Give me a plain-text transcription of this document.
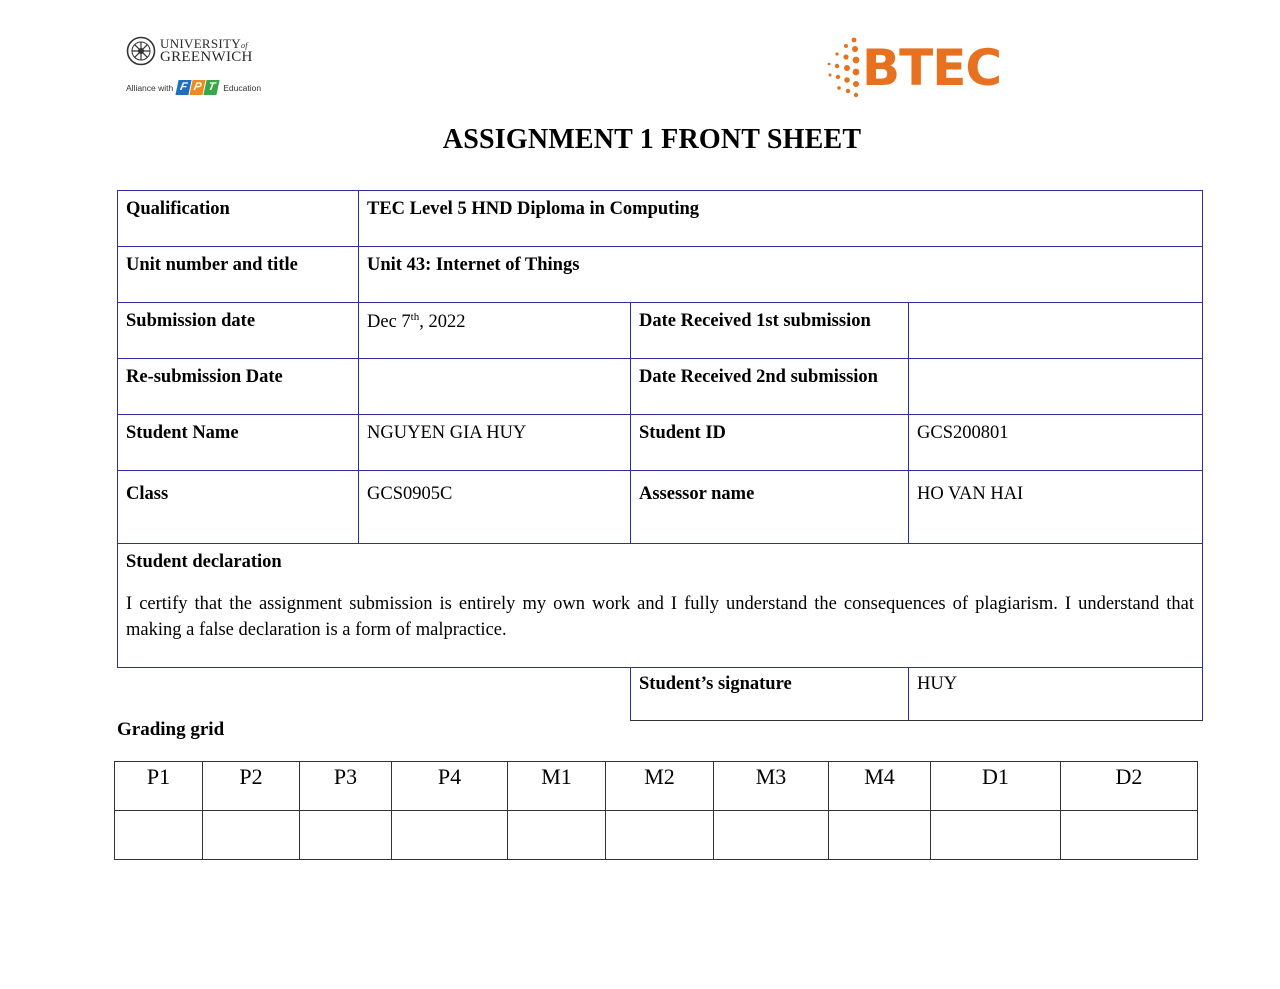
UNIVERSITYof
GREENWICH
Alliance with F P T Education	BTEC
ASSIGNMENT 1 FRONT SHEET
Qualification	TEC Level 5 HND Diploma in Computing		
Unit number and title	Unit 43: Internet of Things		
Submission date	Dec 7th, 2022	Date Received 1st submission	
Re-submission Date		Date Received 2nd submission	
Student Name	NGUYEN GIA HUY	Student ID	GCS200801
Class	GCS0905C	Assessor name	HO VAN HAI

Student declaration
I certify that the assignment submission is entirely my own work and I fully understand the consequences of plagiarism. I understand that making a false declaration is a form of malpractice.			

		Student’s signature	HUY
Grading grid
P1	P2	P3	P4	M1	M2	M3	M4	D1	D2
